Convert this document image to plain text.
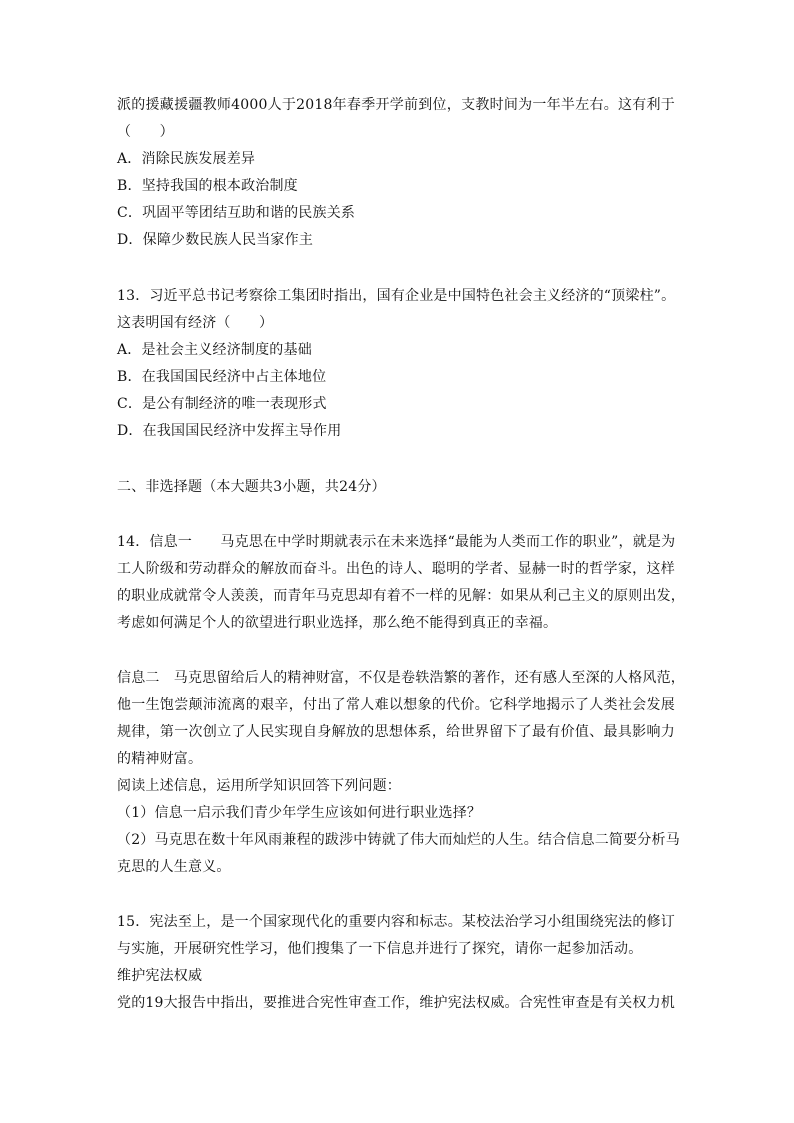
派的援藏援疆教师4000人于2018年春季开学前到位，支教时间为一年半左右。这有利于
（　　）
A．消除民族发展差异
B．坚持我国的根本政治制度
C．巩固平等团结互助和谐的民族关系
D．保障少数民族人民当家作主
13．习近平总书记考察徐工集团时指出，国有企业是中国特色社会主义经济的“顶梁柱”。
这表明国有经济（　　）
A．是社会主义经济制度的基础
B．在我国国民经济中占主体地位
C．是公有制经济的唯一表现形式
D．在我国国民经济中发挥主导作用
二、非选择题（本大题共3小题，共24分）
14．信息一　　马克思在中学时期就表示在未来选择“最能为人类而工作的职业”，就是为
工人阶级和劳动群众的解放而奋斗。出色的诗人、聪明的学者、显赫一时的哲学家，这样
的职业成就常令人羡羡，而青年马克思却有着不一样的见解：如果从利己主义的原则出发，
考虑如何满足个人的欲望进行职业选择，那么绝不能得到真正的幸福。
信息二　马克思留给后人的精神财富，不仅是卷轶浩繁的著作，还有感人至深的人格风范，
他一生饱尝颠沛流离的艰辛，付出了常人难以想象的代价。它科学地揭示了人类社会发展
规律，第一次创立了人民实现自身解放的思想体系，给世界留下了最有价值、最具影响力
的精神财富。
阅读上述信息，运用所学知识回答下列问题：
（1）信息一启示我们青少年学生应该如何进行职业选择？
（2）马克思在数十年风雨兼程的跋涉中铸就了伟大而灿烂的人生。结合信息二简要分析马
克思的人生意义。
15．宪法至上，是一个国家现代化的重要内容和标志。某校法治学习小组围绕宪法的修订
与实施，开展研究性学习，他们搜集了一下信息并进行了探究，请你一起参加活动。
维护宪法权威
党的19大报告中指出，要推进合宪性审查工作，维护宪法权威。合宪性审查是有关权力机
